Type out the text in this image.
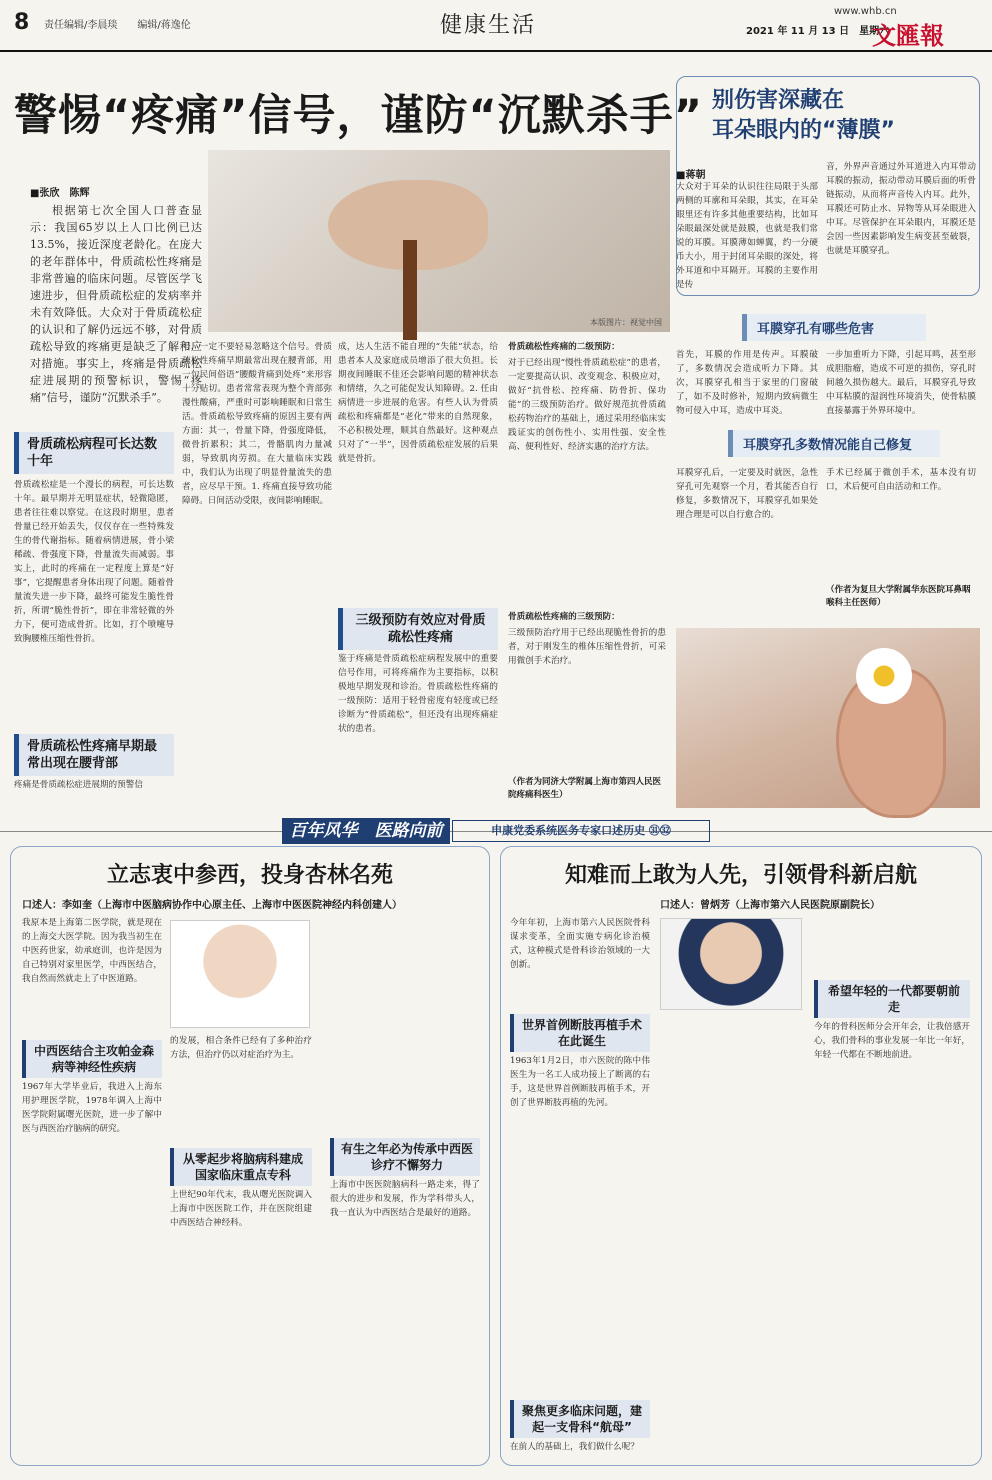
8 责任编辑/李晨琰　　编辑/蒋逸伦	健康生活
www.whb.cn
2021 年 11 月 13 日　星期六
文匯報
警惕“疼痛”信号，谨防“沉默杀手”
■张欣　陈辉
根据第七次全国人口普查显示：我国65岁以上人口比例已达13.5%，接近深度老龄化。在庞大的老年群体中，骨质疏松性疼痛是非常普遍的临床问题。尽管医学飞速进步，但骨质疏松症的发病率并未有效降低。大众对于骨质疏松症的认识和了解仍远远不够，对骨质疏松导致的疼痛更是缺乏了解和应对措施。事实上，疼痛是骨质疏松症进展期的预警标识，警惕“疼痛”信号，谨防“沉默杀手”。
本版图片：视觉中国
骨质疏松病程可长达数十年
骨质疏松症是一个漫长的病程，可长达数十年。最早期并无明显症状，轻微隐匿，患者往往难以察觉。在这段时期里，患者骨量已经开始丢失，仅仅存在一些特殊发生的骨代谢指标。随着病情进展，骨小梁稀疏、骨强度下降，骨量流失而减弱。事实上，此时的疼痛在一定程度上算是“好事”，它提醒患者身体出现了问题。随着骨量流失进一步下降，最终可能发生脆性骨折，所谓“脆性骨折”，即在非常轻微的外力下，便可造成骨折。比如，打个喷嚏导致胸腰椎压缩性骨折。
骨质疏松性疼痛早期最常出现在腰背部
疼痛是骨质疏松症进展期的预警信
号，一定不要轻易忽略这个信号。骨质疏松性疼痛早期最常出现在腰背部，用一句民间俗语“腰酸背痛到处疼”来形容十分贴切。患者常常表现为整个背部弥漫性酸痛，严重时可影响睡眠和日常生活。骨质疏松导致疼痛的原因主要有两方面：其一，骨量下降，骨强度降低，微骨折累积；其二，骨骼肌肉力量减弱，导致肌肉劳损。在大量临床实践中，我们认为出现了明显骨量流失的患者，应尽早干预。1. 疼痛直接导致功能障碍。日间活动受限，夜间影响睡眠。
成，达人生活不能自理的“失能”状态，给患者本人及家庭成员增添了很大负担。长期夜间睡眠不佳还会影响问题的精神状态和情绪，久之可能促发认知障碍。2. 任由病情进一步进展的危害。有些人认为骨质疏松和疼痛都是“老化”带来的自然现象，不必积极处理，顺其自然最好。这种观点只对了“一半”，因骨质疏松症发展的后果就是骨折。
三级预防有效应对骨质疏松性疼痛
鉴于疼痛是骨质疏松症病程发展中的重要信号作用，可将疼痛作为主要指标，以积极地早期发现和诊治。骨质疏松性疼痛的一级预防：适用于轻骨密度有轻度或已经诊断为“骨质疏松”，但还没有出现疼痛症状的患者。
骨质疏松性疼痛的二级预防：
对于已经出现“慢性骨质疏松症”的患者，一定要提高认识、改变观念、积极应对，做好“抗骨松、控疼痛、防骨折、保功能”的三级预防治疗。做好规范抗骨质疏松药物治疗的基础上，通过采用经临床实践证实的创伤性小、实用性强、安全性高、便利性好、经济实惠的治疗方法。
骨质疏松性疼痛的三级预防：
三级预防治疗用于已经出现脆性骨折的患者，对于刚发生的椎体压缩性骨折，可采用微创手术治疗。
（作者为同济大学附属上海市第四人民医院疼痛科医生）
别伤害深藏在
耳朵眼内的“薄膜”
■蒋朝
大众对于耳朵的认识往往局限于头部两侧的耳廓和耳朵眼，其实，在耳朵眼里还有许多其他重要结构，比如耳朵眼最深处就是鼓膜，也就是我们常说的耳膜。耳膜薄如蝉翼，约一分硬币大小，用于封闭耳朵眼的深处，将外耳道和中耳隔开。耳膜的主要作用是传
音，外界声音通过外耳道进入内耳带动耳膜的振动，振动带动耳膜后面的听骨链振动，从而将声音传入内耳。此外，耳膜还可防止水、异物等从耳朵眼进入中耳。尽管保护在耳朵眼内，耳膜还是会因一些因素影响发生病变甚至破裂，也就是耳膜穿孔。
耳膜穿孔有哪些危害
首先，耳膜的作用是传声。耳膜破了，多数情况会造成听力下降。其次，耳膜穿孔相当于家里的门窗破了，如不及时修补，短期内致病微生物可侵入中耳，造成中耳炎。
一步加重听力下降，引起耳鸣，甚至形成胆脂瘤，造成不可逆的损伤，穿孔时间越久损伤越大。最后，耳膜穿孔导致中耳粘膜的湿润性环境消失，使骨粘膜直接暴露于外界环境中。
耳膜穿孔多数情况能自己修复
耳膜穿孔后，一定要及时就医，急性穿孔可先观察一个月，看其能否自行修复，多数情况下，耳膜穿孔如果处理合理是可以自行愈合的。
手术已经属于微创手术，基本没有切口，术后便可自由活动和工作。
（作者为复旦大学附属华东医院耳鼻咽喉科主任医师）
百年风华　医路向前	申康党委系统医务专家口述历史 ㉛㉜
立志衷中参西，投身杏林名苑
口述人：李如奎（上海市中医脑病协作中心原主任、上海市中医医院神经内科创建人）
我原本是上海第二医学院，就是现在的上海交大医学院。因为我当初生在中医药世家，幼承庭训，也许是因为自己特别对家里医学，中西医结合，我自然而然就走上了中医道路。
中西医结合主攻帕金森病等神经性疾病
1967年大学毕业后，我进入上海东用护理医学院，1978年调入上海中医学院附属曙光医院，进一步了解中医与西医治疗脑病的研究。
的发展，相合条件已经有了多种治疗方法，但治疗仍以对症治疗为主。
从零起步将脑病科建成国家临床重点专科
上世纪90年代末，我从曙光医院调入上海市中医医院工作，并在医院组建中西医结合神经科。
有生之年必为传承中西医诊疗不懈努力
上海市中医医院脑病科一路走来，得了很大的进步和发展，作为学科带头人，我一直认为中西医结合是最好的道路。
知难而上敢为人先，引领骨科新启航
口述人：曾炳芳（上海市第六人民医院原副院长）
今年年初，上海市第六人民医院骨科谋求变革，全面实施专病化诊治模式，这种模式是骨科诊治领域的一大创新。
世界首例断肢再植手术在此诞生
1963年1月2日，市六医院的陈中伟医生为一名工人成功接上了断离的右手，这是世界首例断肢再植手术，开创了世界断肢再植的先河。
聚焦更多临床问题，建起一支骨科“航母”
在前人的基础上，我们做什么呢？
希望年轻的一代都要朝前走
今年的骨科医师分会开年会，让我倍感开心，我们骨科的事业发展一年比一年好，年轻一代都在不断地前进。
